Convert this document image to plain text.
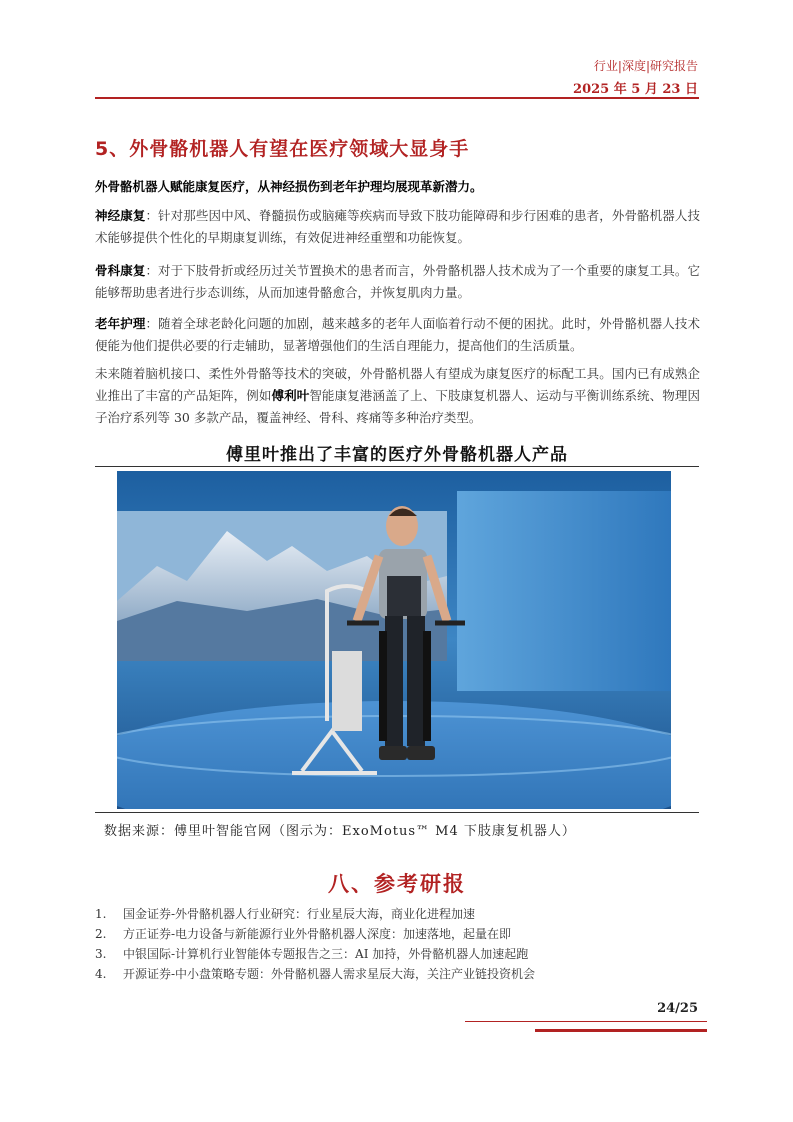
行业|深度|研究报告
2025 年 5 月 23 日
5、外骨骼机器人有望在医疗领域大显身手
外骨骼机器人赋能康复医疗，从神经损伤到老年护理均展现革新潜力。
神经康复：针对那些因中风、脊髓损伤或脑瘫等疾病而导致下肢功能障碍和步行困难的患者，外骨骼机器人技术能够提供个性化的早期康复训练，有效促进神经重塑和功能恢复。
骨科康复：对于下肢骨折或经历过关节置换术的患者而言，外骨骼机器人技术成为了一个重要的康复工具。它能够帮助患者进行步态训练，从而加速骨骼愈合，并恢复肌肉力量。
老年护理：随着全球老龄化问题的加剧，越来越多的老年人面临着行动不便的困扰。此时，外骨骼机器人技术便能为他们提供必要的行走辅助，显著增强他们的生活自理能力，提高他们的生活质量。
未来随着脑机接口、柔性外骨骼等技术的突破，外骨骼机器人有望成为康复医疗的标配工具。国内已有成熟企业推出了丰富的产品矩阵，例如傅利叶智能康复港涵盖了上、下肢康复机器人、运动与平衡训练系统、物理因子治疗系列等 30 多款产品，覆盖神经、骨科、疼痛等多种治疗类型。
傅里叶推出了丰富的医疗外骨骼机器人产品
数据来源：傅里叶智能官网（图示为：ExoMotus™ M4 下肢康复机器人）
八、参考研报
1.	国金证券-外骨骼机器人行业研究：行业星辰大海，商业化进程加速
2.	方正证券-电力设备与新能源行业外骨骼机器人深度：加速落地，起量在即
3.	中银国际-计算机行业智能体专题报告之三：AI 加持，外骨骼机器人加速起跑
4.	开源证券-中小盘策略专题：外骨骼机器人需求星辰大海，关注产业链投资机会
24/25
